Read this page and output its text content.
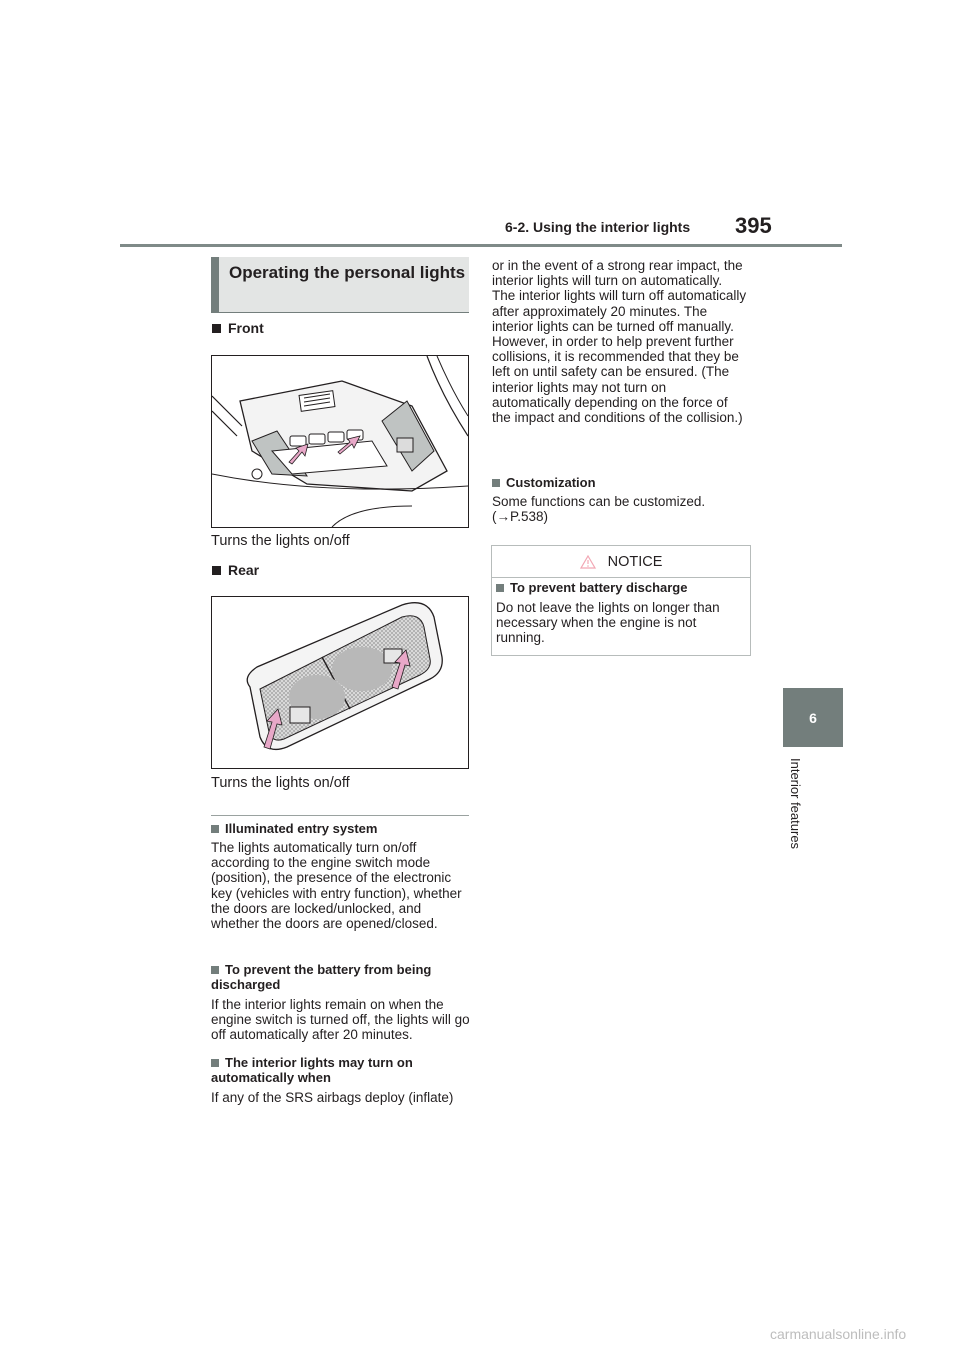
6-2. Using the interior lights 395
6
Interior features
Operating the personal lights
Front
Turns the lights on/off
Rear
Turns the lights on/off
Illuminated entry system
The lights automatically turn on/off according to the engine switch mode (position), the presence of the electronic key (vehicles with entry function), whether the doors are locked/unlocked, and whether the doors are opened/closed.
To prevent the battery from being discharged
If the interior lights remain on when the engine switch is turned off, the lights will go off automatically after 20 minutes.
The interior lights may turn on automatically when
If any of the SRS airbags deploy (inflate)
or in the event of a strong rear impact, the interior lights will turn on automatically. The interior lights will turn off automatically after approximately 20 minutes. The interior lights can be turned off manually. However, in order to help prevent further collisions, it is recommended that they be left on until safety can be ensured. (The interior lights may not turn on automatically depending on the force of the impact and conditions of the collision.)
Customization
Some functions can be customized.
(→P.538)
NOTICE
To prevent battery discharge
Do not leave the lights on longer than necessary when the engine is not running.
carmanualsonline.info
